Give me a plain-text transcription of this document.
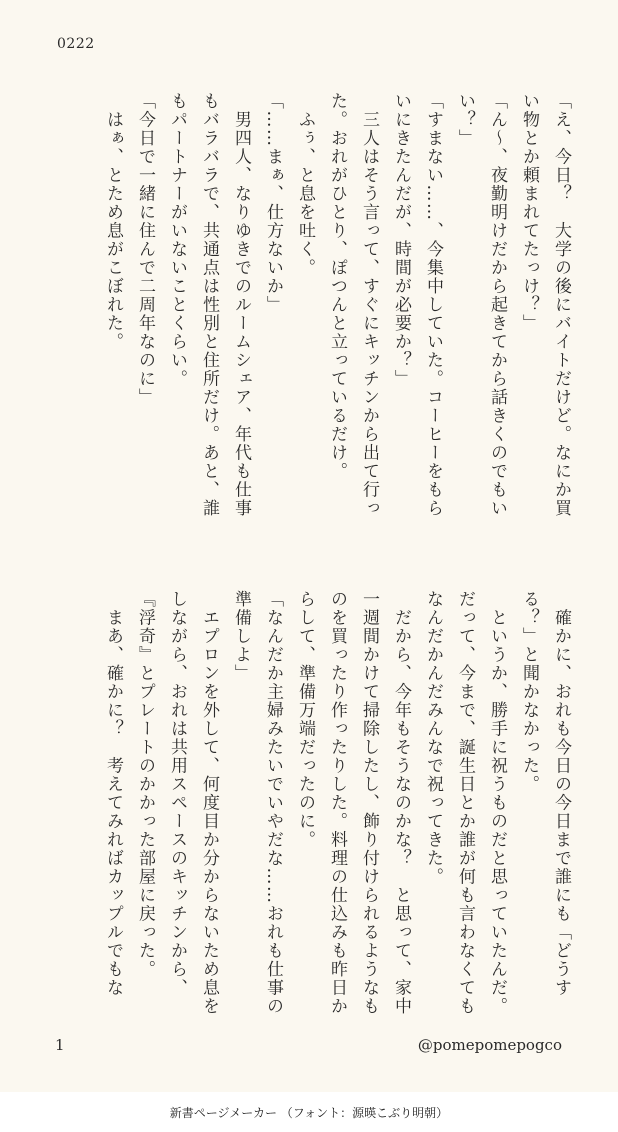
0222
「え、今日？　大学の後にバイトだけど。なにか買い物とか頼まれてたっけ？」
「ん〜、夜勤明けだから起きてから話きくのでもいい？」
「すまない……、今集中していた。コーヒーをもらいにきたんだが、時間が必要か？」
　三人はそう言って、すぐにキッチンから出て行った。おれがひとり、ぽつんと立っているだけ。
　ふぅ、と息を吐く。
「……まぁ、仕方ないか」
　男四人、なりゆきでのルームシェア、年代も仕事もバラバラで、共通点は性別と住所だけ。あと、誰もパートナーがいないことくらい。
「今日で一緒に住んで二周年なのに」
　はぁ、とため息がこぼれた。
　確かに、おれも今日の今日まで誰にも「どうする？」と聞かなかった。
　というか、勝手に祝うものだと思っていたんだ。だって、今まで、誕生日とか誰が何も言わなくてもなんだかんだみんなで祝ってきた。
　だから、今年もそうなのかな？　と思って、家中一週間かけて掃除したし、飾り付けられるようなものを買ったり作ったりした。料理の仕込みも昨日からして、準備万端だったのに。
「なんだか主婦みたいでいやだな……おれも仕事の準備しよ」
　エプロンを外して、何度目か分からないため息をしながら、おれは共用スペースのキッチンから、『浮奇』とプレートのかかった部屋に戻った。
　まあ、確かに？　考えてみればカップルでもな
1	@pomepomepogco
新書ページメーカー （フォント：源暎こぶり明朝）
